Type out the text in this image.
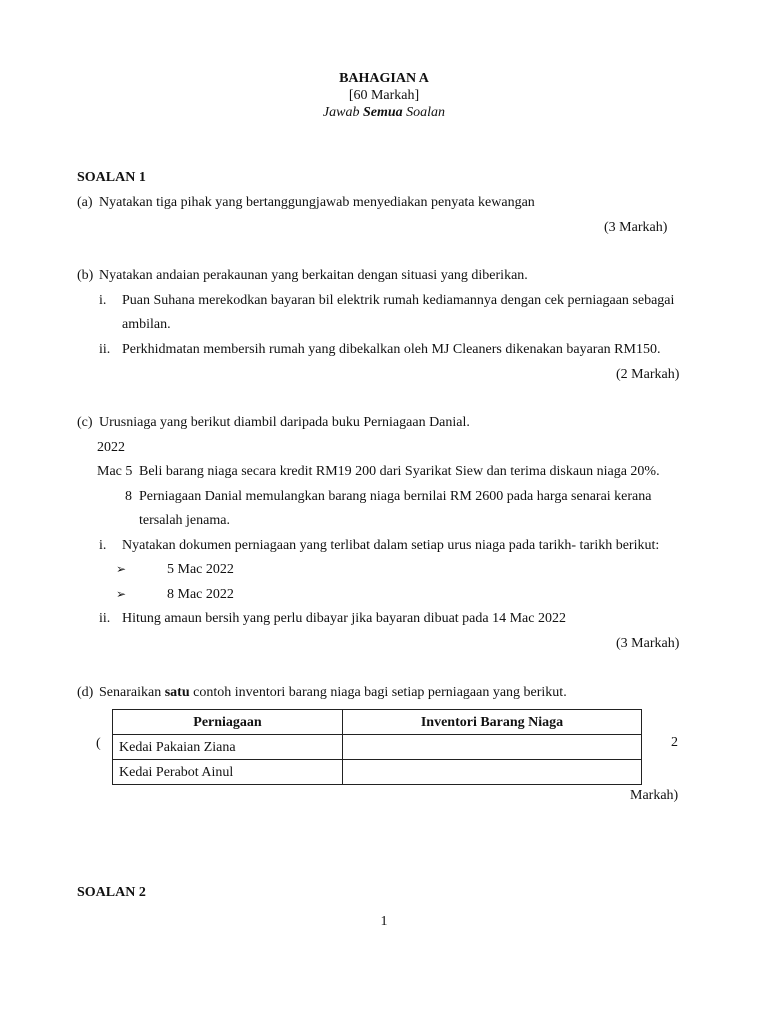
BAHAGIAN A
[60 Markah]
Jawab Semua Soalan
SOALAN 1
(a) Nyatakan tiga pihak yang bertanggungjawab menyediakan penyata kewangan
(3 Markah)
(b) Nyatakan andaian perakaunan yang berkaitan dengan situasi yang diberikan.
i. Puan Suhana merekodkan bayaran bil elektrik rumah kediamannya dengan cek perniagaan sebagai
ambilan.
ii. Perkhidmatan membersih rumah yang dibekalkan oleh MJ Cleaners dikenakan bayaran RM150.
(2 Markah)
(c) Urusniaga yang berikut diambil daripada buku Perniagaan Danial.
2022
Mac 5 Beli barang niaga secara kredit RM19 200 dari Syarikat Siew dan terima diskaun niaga 20%.
8 Perniagaan Danial memulangkan barang niaga bernilai RM 2600 pada harga senarai kerana
tersalah jenama.
i. Nyatakan dokumen perniagaan yang terlibat dalam setiap urus niaga pada tarikh- tarikh berikut:
➢	5 Mac 2022
➢	8 Mac 2022
ii. Hitung amaun bersih yang perlu dibayar jika bayaran dibuat pada 14 Mac 2022
(3 Markah)
(d) Senaraikan satu contoh inventori barang niaga bagi setiap perniagaan yang berikut.
Perniagaan	Inventori Barang Niaga
Kedai Pakaian Ziana	
Kedai Perabot Ainul	
(	2
Markah)
SOALAN 2
1
